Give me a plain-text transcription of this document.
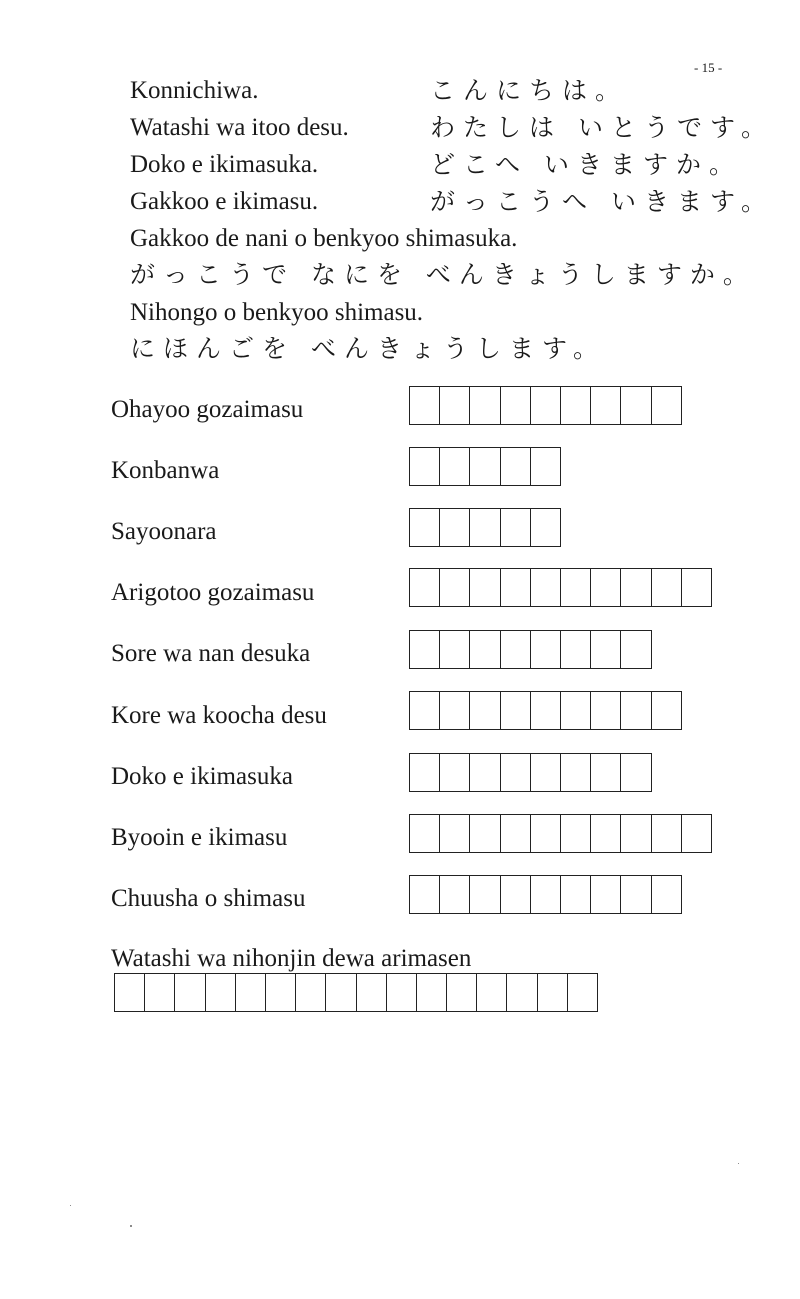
- 15 -
Konnichiwa.	こんにちは。
Watashi wa itoo desu.	わたしは いとうです。
Doko e ikimasuka.	どこへ いきますか。
Gakkoo e ikimasu.	がっこうへ いきます。
Gakkoo de nani o benkyoo shimasuka.
がっこうで なにを べんきょうしますか。
Nihongo o benkyoo shimasu.
にほんごを べんきょうします。
Ohayoo gozaimasu
Konbanwa
Sayoonara
Arigotoo gozaimasu
Sore wa nan desuka
Kore wa koocha desu
Doko e ikimasuka
Byooin e ikimasu
Chuusha o shimasu
Watashi wa nihonjin dewa arimasen
